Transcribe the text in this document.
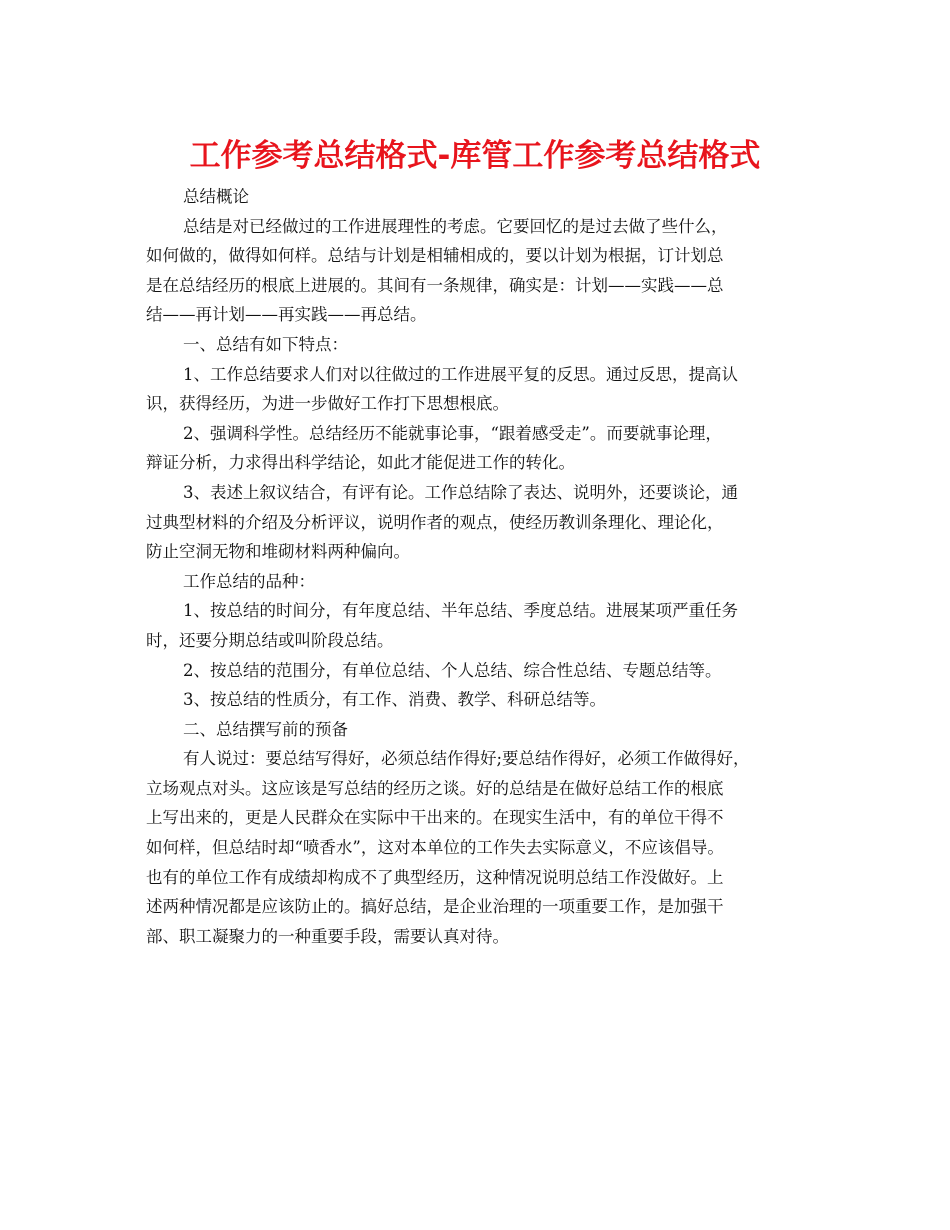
工作参考总结格式-库管工作参考总结格式
总结概论
总结是对已经做过的工作进展理性的考虑。它要回忆的是过去做了些什么，
如何做的，做得如何样。总结与计划是相辅相成的，要以计划为根据，订计划总
是在总结经历的根底上进展的。其间有一条规律，确实是：计划——实践——总
结——再计划——再实践——再总结。
一、总结有如下特点：
1、工作总结要求人们对以往做过的工作进展平复的反思。通过反思，提高认
识，获得经历，为进一步做好工作打下思想根底。
2、强调科学性。总结经历不能就事论事，“跟着感受走”。而要就事论理，
辩证分析，力求得出科学结论，如此才能促进工作的转化。
3、表述上叙议结合，有评有论。工作总结除了表达、说明外，还要谈论，通
过典型材料的介绍及分析评议，说明作者的观点，使经历教训条理化、理论化，
防止空洞无物和堆砌材料两种偏向。
工作总结的品种：
1、按总结的时间分，有年度总结、半年总结、季度总结。进展某项严重任务
时，还要分期总结或叫阶段总结。
2、按总结的范围分，有单位总结、个人总结、综合性总结、专题总结等。
3、按总结的性质分，有工作、消费、教学、科研总结等。
二、总结撰写前的预备
有人说过：要总结写得好，必须总结作得好;要总结作得好，必须工作做得好，
立场观点对头。这应该是写总结的经历之谈。好的总结是在做好总结工作的根底
上写出来的，更是人民群众在实际中干出来的。在现实生活中，有的单位干得不
如何样，但总结时却“喷香水”，这对本单位的工作失去实际意义，不应该倡导。
也有的单位工作有成绩却构成不了典型经历，这种情况说明总结工作没做好。上
述两种情况都是应该防止的。搞好总结，是企业治理的一项重要工作，是加强干
部、职工凝聚力的一种重要手段，需要认真对待。
